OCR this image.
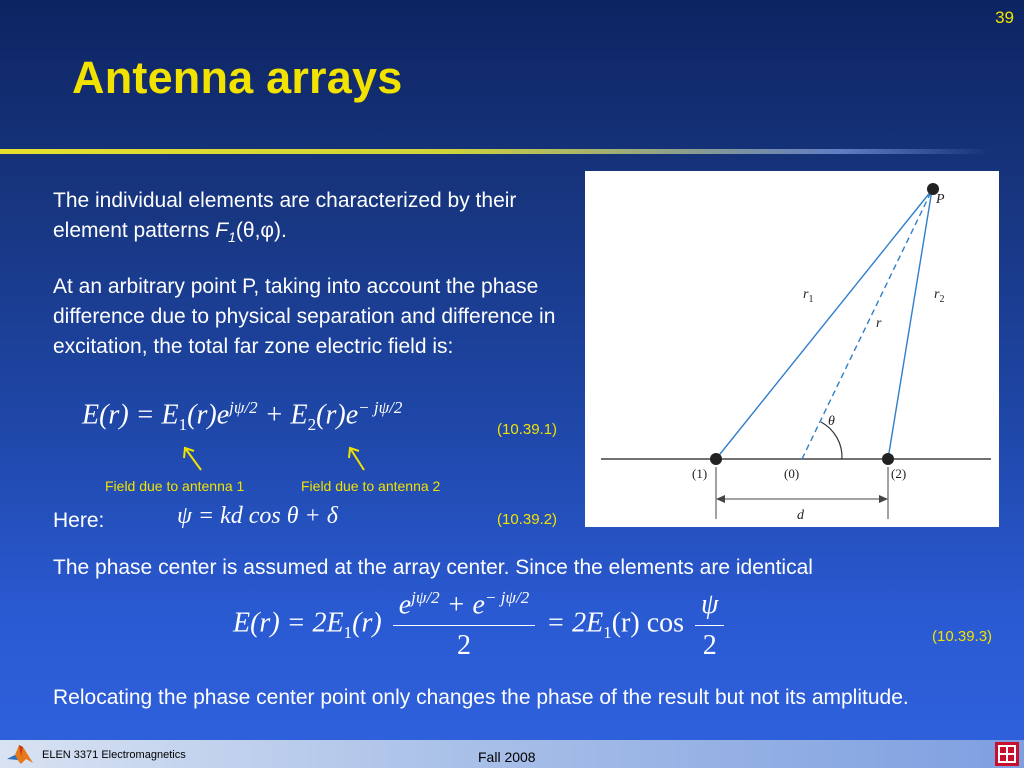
39
Antenna arrays
The individual elements are characterized by their element patterns $F_1(\theta,\varphi)$.
At an arbitrary point P, taking into account the phase difference due to physical separation and difference in excitation, the total far zone electric field is:
$E(r) = E_1(r)e^{j\psi/2} + E_2(r)e^{- j\psi/2}$
(10.39.1)
Field due to antenna 1	Field due to antenna 2
Here:	ψ = kd cos θ + δ	(10.39.2)
The phase center is assumed at the array center. Since the elements are identical
$E(r) = 2E_1(r) \frac{e^{j\psi/2} + e^{- j\psi/2}}{2} = 2E_1(r)$ $\cos \frac{\psi}{2}$	(10.39.3)
Relocating the phase center point only changes the phase of the result but not its amplitude.
P
$r_1$	$r_2$
r
θ
(1)	(0)	(2)
d
ELEN 3371 Electromagnetics	Fall 2008
